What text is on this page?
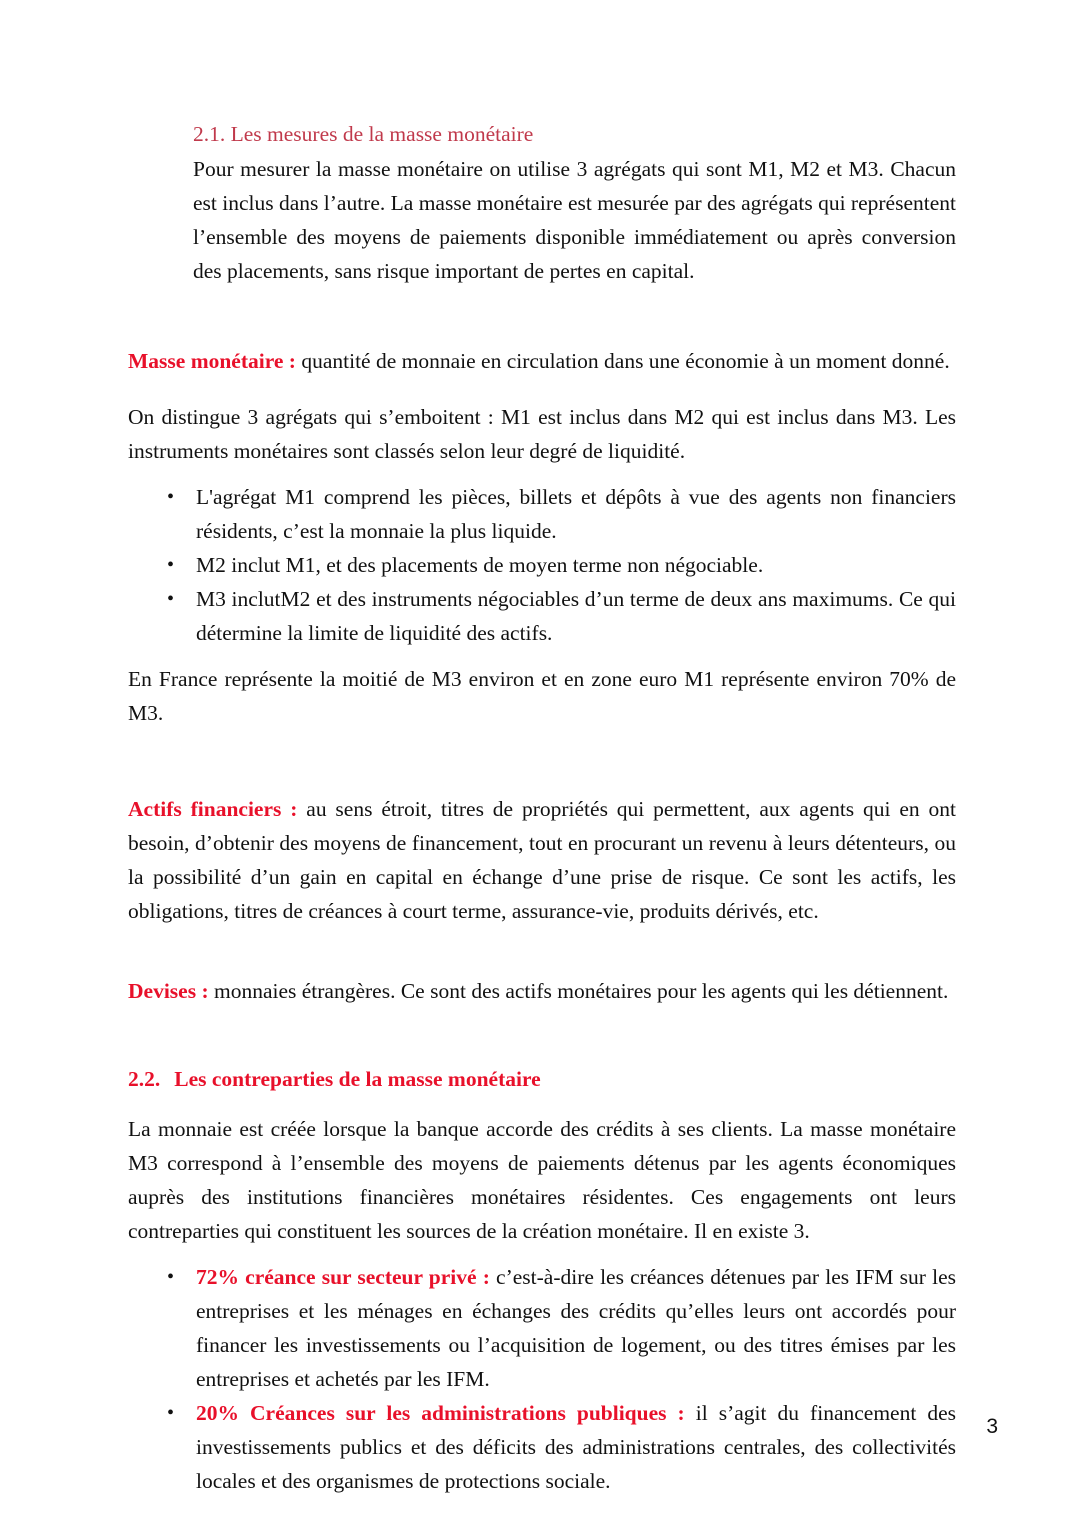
2.1. Les mesures de la masse monétaire

Pour mesurer la masse monétaire on utilise 3 agrégats qui sont M1, M2 et M3. Chacun est inclus dans l’autre. La masse monétaire est mesurée par des agrégats qui représentent l’ensemble des moyens de paiements disponible immédiatement ou après conversion des placements, sans risque important de pertes en capital.

Masse monétaire : quantité de monnaie en circulation dans une économie à un moment donné.

On distingue 3 agrégats qui s’emboitent : M1 est inclus dans M2 qui est inclus dans M3. Les instruments monétaires sont classés selon leur degré de liquidité.

• L'agrégat M1 comprend les pièces, billets et dépôts à vue des agents non financiers résidents, c’est la monnaie la plus liquide.
• M2 inclut M1, et des placements de moyen terme non négociable.
• M3 inclutM2 et des instruments négociables d’un terme de deux ans maximums. Ce qui détermine la limite de liquidité des actifs.

En France représente la moitié de M3 environ et en zone euro M1 représente environ 70% de M3.

Actifs financiers : au sens étroit, titres de propriétés qui permettent, aux agents qui en ont besoin, d’obtenir des moyens de financement, tout en procurant un revenu à leurs détenteurs, ou la possibilité d’un gain en capital en échange d’une prise de risque. Ce sont les actifs, les obligations, titres de créances à court terme, assurance-vie, produits dérivés, etc.

Devises : monnaies étrangères. Ce sont des actifs monétaires pour les agents qui les détiennent.

2.2. Les contreparties de la masse monétaire

La monnaie est créée lorsque la banque accorde des crédits à ses clients. La masse monétaire M3 correspond à l’ensemble des moyens de paiements détenus par les agents économiques auprès des institutions financières monétaires résidentes. Ces engagements ont leurs contreparties qui constituent les sources de la création monétaire. Il en existe 3.

• 72% créance sur secteur privé : c’est-à-dire les créances détenues par les IFM sur les entreprises et les ménages en échanges des crédits qu’elles leurs ont accordés pour financer les investissements ou l’acquisition de logement, ou des titres émises par les entreprises et achetés par les IFM.
• 20% Créances sur les administrations publiques : il s’agit du financement des investissements publics et des déficits des administrations centrales, des collectivités locales et des organismes de protections sociale.
3
